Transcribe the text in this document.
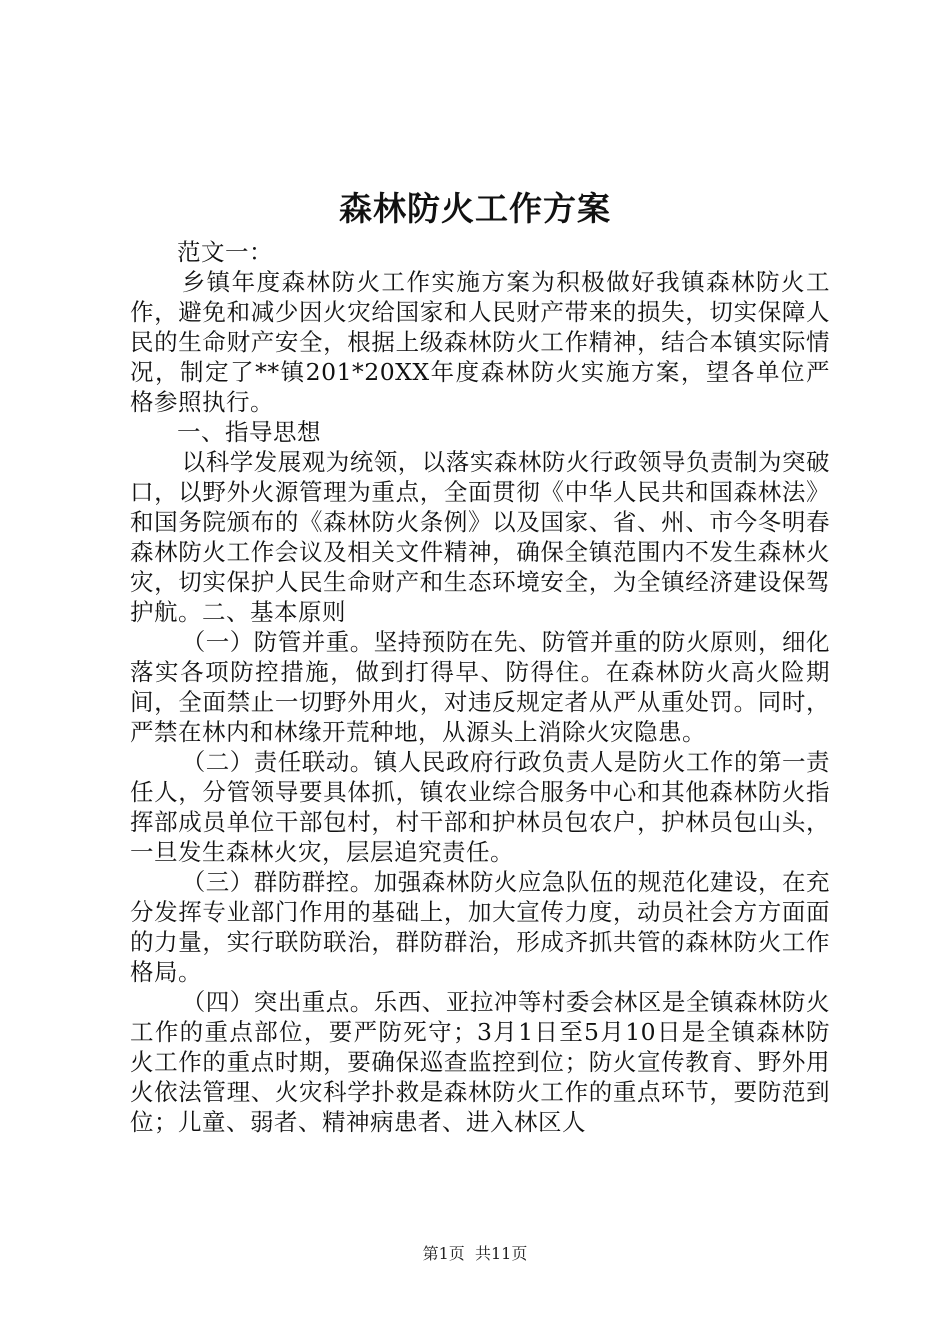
森林防火工作方案

范文一：

乡镇年度森林防火工作实施方案为积极做好我镇森林防火工作，避免和减少因火灾给国家和人民财产带来的损失，切实保障人民的生命财产安全，根据上级森林防火工作精神，结合本镇实际情况，制定了**镇201*20XX年度森林防火实施方案，望各单位严格参照执行。

一、指导思想

以科学发展观为统领，以落实森林防火行政领导负责制为突破口，以野外火源管理为重点，全面贯彻《中华人民共和国森林法》和国务院颁布的《森林防火条例》以及国家、省、州、市今冬明春森林防火工作会议及相关文件精神，确保全镇范围内不发生森林火灾，切实保护人民生命财产和生态环境安全，为全镇经济建设保驾护航。二、基本原则

（一）防管并重。坚持预防在先、防管并重的防火原则，细化落实各项防控措施，做到打得早、防得住。在森林防火高火险期间，全面禁止一切野外用火，对违反规定者从严从重处罚。同时，严禁在林内和林缘开荒种地，从源头上消除火灾隐患。

（二）责任联动。镇人民政府行政负责人是防火工作的第一责任人，分管领导要具体抓，镇农业综合服务中心和其他森林防火指挥部成员单位干部包村，村干部和护林员包农户，护林员包山头，一旦发生森林火灾，层层追究责任。

（三）群防群控。加强森林防火应急队伍的规范化建设，在充分发挥专业部门作用的基础上，加大宣传力度，动员社会方方面面的力量，实行联防联治，群防群治，形成齐抓共管的森林防火工作格局。

（四）突出重点。乐西、亚拉冲等村委会林区是全镇森林防火工作的重点部位，要严防死守；3月1日至5月10日是全镇森林防火工作的重点时期，要确保巡查监控到位；防火宣传教育、野外用火依法管理、火灾科学扑救是森林防火工作的重点环节，要防范到位；儿童、弱者、精神病患者、进入林区人

第1页 共11页
